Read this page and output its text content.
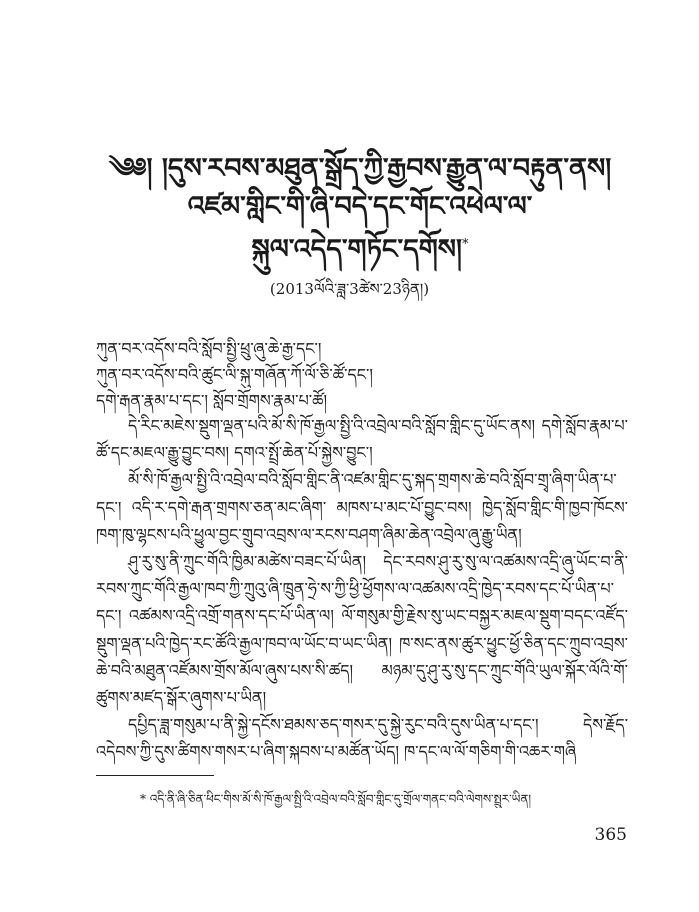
༄༅། །དུས་རབས་མཐུན་སྒྲོད་ཀྱི་རྒྱབས་རྒྱུན་ལ་བརྟུན་ནས།
འཛམ་གླིང་གི་ཞི་བདེ་དང་གོང་འཕེལ་ལ་
སྐུལ་འདེད་གཏོང་དགོས།*
(2013ལོའི་ཟླ་3ཚེས་23ཉིན།)
ཀུན་བར་འདོས་བའི་སློབ་སྤྱི་ཕྲུ་ཞུ་ཆེ་རྒྱ་དང་།
ཀུན་བར་འདོས་བའི་ཚུང་ལི་སྐུ་གཞོན་ཀོ་ལོ་ཅི་ཚོ་དང་།
དགེ་རྒན་རྣམ་པ་དང་། སློབ་གྲོགས་རྣམ་པ་ཚོ།

དེ་རིང་མཇེས་སྡུག་ལྡན་པའི་མོ་སི་ཁོ་རྒྱལ་སྤྱི་འི་འབྲེལ་བའི་སློབ་གླིང་དུ་ཡོང་ནས། དགེ་སློབ་རྣམ་པ་ཚོ་དང་མཇལ་རྒྱུ་བྱུང་བས། དགའ་སྤྲོ་ཆེན་པོ་སྐྱེས་བྱུང་།

མོ་སི་ཁོ་རྒྱལ་སྤྱི་འི་འབྲེལ་བའི་སློབ་གླིང་ནི་འཛམ་གླིང་དུ་སྐད་གྲགས་ཆེ་བའི་སློབ་གྲྭ་ཞིག་ཡིན་པ་དང་། འདི་ར་དགེ་རྒན་གྲགས་ཅན་མང་ཞིག་ མཁས་པ་མང་པོ་བྱུང་བས། ཁྱེད་སློབ་གླིང་གི་ཁྱབ་ཁོངས་ཁག་ཁུ་ལྷངས་པའི་ཕྱུལ་བྱང་གྲུབ་འབྲས་ལ་རངས་བཤག་ཞིམ་ཆེན་འབྲེལ་ཞུ་རྒྱུ་ཡིན།

ཤུ་རུ་སུ་ནི་ཀྲུང་གོའི་ཁྱིམ་མཚེས་བཟང་པོ་ཡིན། དེང་རབས་ཤུ་རུ་སུ་ལ་འཚམས་འདྲི་ཞུ་ཡོང་བ་ནི་རབས་ཀྲུང་གོའི་རྒྱལ་ཁབ་ཀྱི་ཀྲུའུ་ཞི་ཁྲུན་ཧྲེ་ས་ཀྱི་ཕྱི་ཕྱོགས་ལ་འཚམས་འདྲི་ཁྱེད་རབས་དང་པོ་ཡིན་པ་དང་། འཚམས་འདྲི་འགྲོ་གནས་དང་པོ་ཡིན་ལ། ལོ་གསུམ་གྱི་རྗེས་སུ་ཡང་བསྐྱར་མཇལ་སྡུག་བདང་འཛོད་སྡུག་ལྡན་པའི་ཁྱེད་རང་ཚོའི་རྒྱལ་ཁབ་ལ་ཡོང་བ་ཡང་ཡིན། ཁ་སང་ནས་ཚུར་ཕྱུང་ཕྱོ་ཅིན་དང་ཀྲུབ་འབྲས་ཆེ་བའི་མཐུན་འཛོམས་གྲོས་མོལ་ཞུས་པས་སི་ཚད། མཉམ་དུ་ཤུ་རུ་སུ་དང་ཀྲུང་གོའི་ཡུལ་སྐོར་ལོའི་གོ་ཚུགས་མཛད་སྒོར་ཞུགས་པ་ཡིན།

དཔྱིད་ཟླ་གསུམ་པ་ནི་སྐྱེ་དངོས་ཐམས་ཅད་གསར་དུ་སྐྱེ་རུང་བའི་དུས་ཡིན་པ་དང་། དེས་རྗོད་འདེབས་ཀྱི་དུས་ཚིགས་གསར་པ་ཞིག་སྐབས་པ་མཚོན་ཡོད། ཁ་དང་ལ་ལོ་གཅིག་གི་འཆར་གཞི

* འདི་ནི་ཞི་ཅིན་ཕིང་གིས་མོ་སི་ཁོ་རྒྱལ་སྤྱི་འི་འབྲེལ་བའི་སློབ་གླིང་དུ་གྲོལ་གནང་བའི་ལེགས་སྤྲུར་ཡིན།
365
